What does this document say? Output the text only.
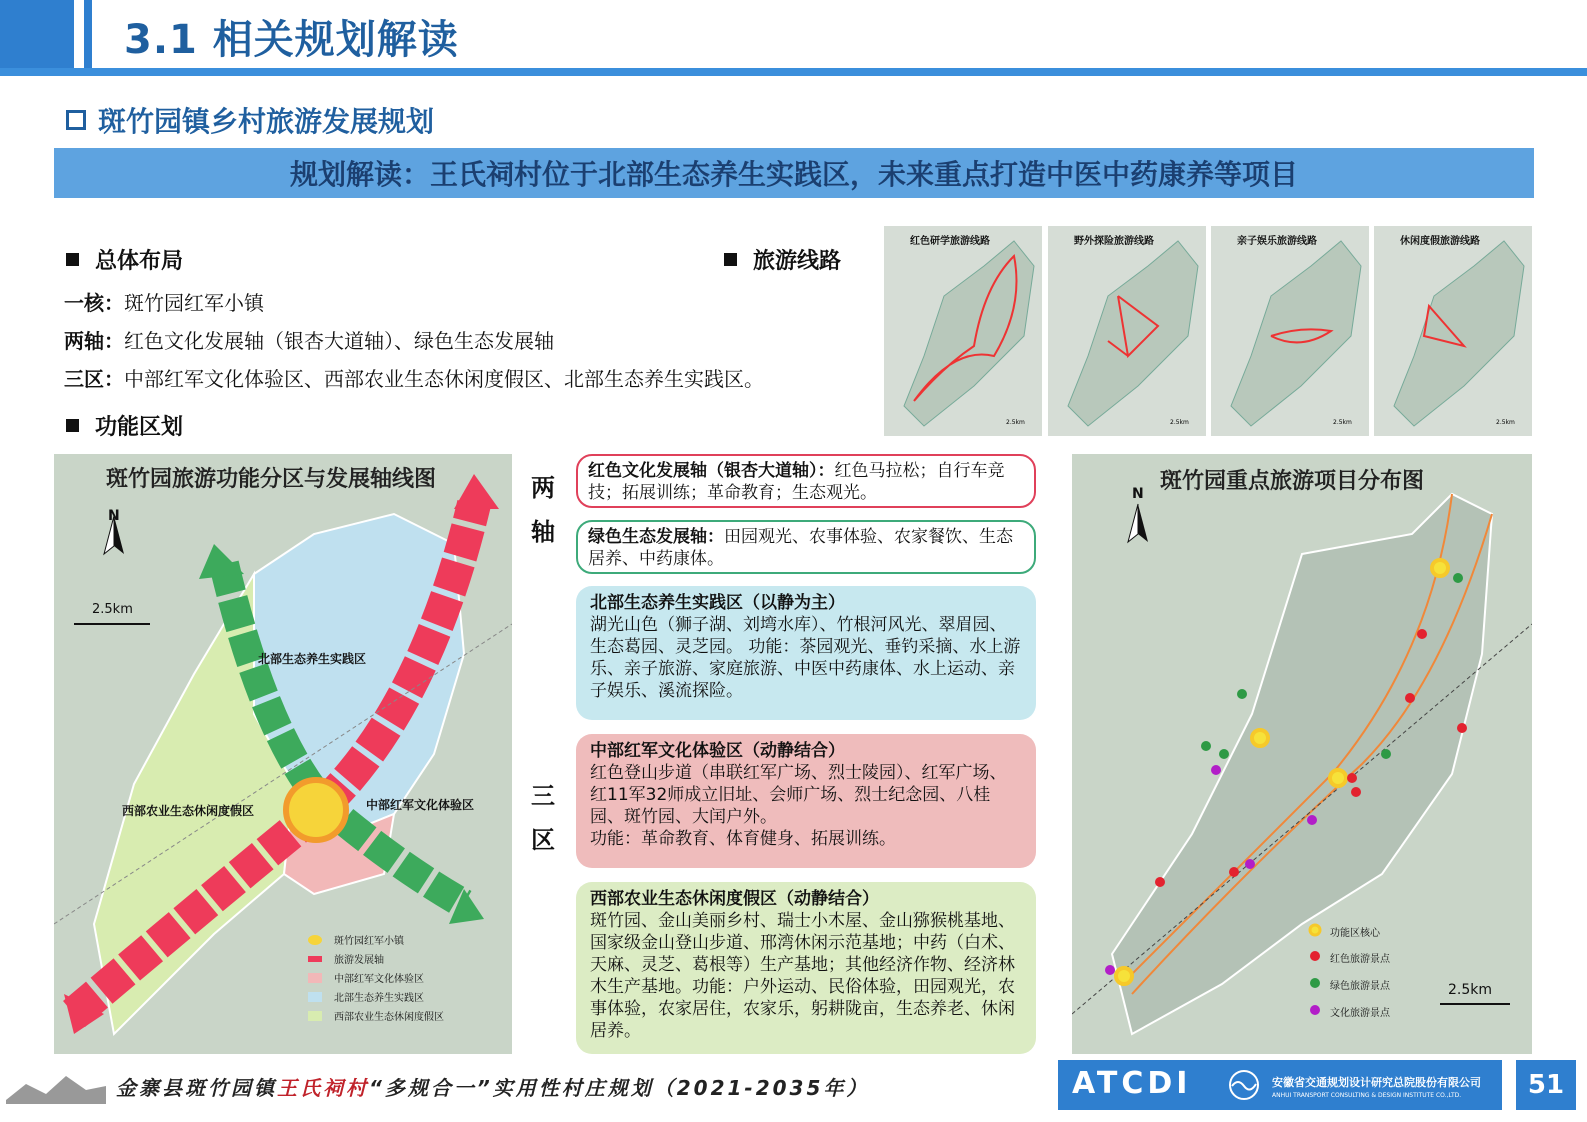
3.1 相关规划解读
斑竹园镇乡村旅游发展规划
规划解读：王氏祠村位于北部生态养生实践区，未来重点打造中医中药康养等项目
总体布局
一核：斑竹园红军小镇
两轴：红色文化发展轴（银杏大道轴）、绿色生态发展轴
三区：中部红军文化体验区、西部农业生态休闲度假区、北部生态养生实践区。
旅游线路
功能区划	2.5km
红色研学旅游线路
2.5km
野外探险旅游线路
2.5km
亲子娱乐旅游线路
2.5km
休闲度假旅游线路
斑竹园旅游功能分区与发展轴线图
N
2.5km
北部生态养生实践区
西部农业生态休闲度假区	中部红军文化体验区
斑竹园红军小镇
旅游发展轴
中部红军文化体验区
北部生态养生实践区
西部农业生态休闲度假区
两
轴
三
区
红色文化发展轴（银杏大道轴）：红色马拉松；自行车竞技；拓展训练；革命教育；生态观光。
绿色生态发展轴：田园观光、农事体验、农家餐饮、生态居养、中药康体。
北部生态养生实践区（以静为主）
湖光山色（狮子湖、刘塆水库）、竹根河风光、翠眉园、生态葛园、灵芝园。 功能：茶园观光、垂钓采摘、水上游乐、亲子旅游、家庭旅游、中医中药康体、水上运动、亲子娱乐、溪流探险。
中部红军文化体验区（动静结合）
红色登山步道（串联红军广场、烈士陵园）、红军广场、红11军32师成立旧址、会师广场、烈士纪念园、八桂园、斑竹园、大闰户外。
功能：革命教育、体育健身、拓展训练。
西部农业生态休闲度假区（动静结合）
斑竹园、金山美丽乡村、瑞士小木屋、金山猕猴桃基地、国家级金山登山步道、邢湾休闲示范基地；中药（白术、天麻、灵芝、葛根等）生产基地；其他经济作物、经济林木生产基地。功能：户外运动、民俗体验，田园观光，农事体验，农家居住，农家乐，躬耕陇亩，生态养老、休闲居养。
斑竹园重点旅游项目分布图
N
2.5km
功能区核心
红色旅游景点
绿色旅游景点
文化旅游景点
金寨县斑竹园镇王氏祠村“多规合一”实用性村庄规划（2021-2035年）	ATCDI	安徽省交通规划设计研究总院股份有限公司
ANHUI TRANSPORT CONSULTING & DESIGN INSTITUTE CO.,LTD.	51
